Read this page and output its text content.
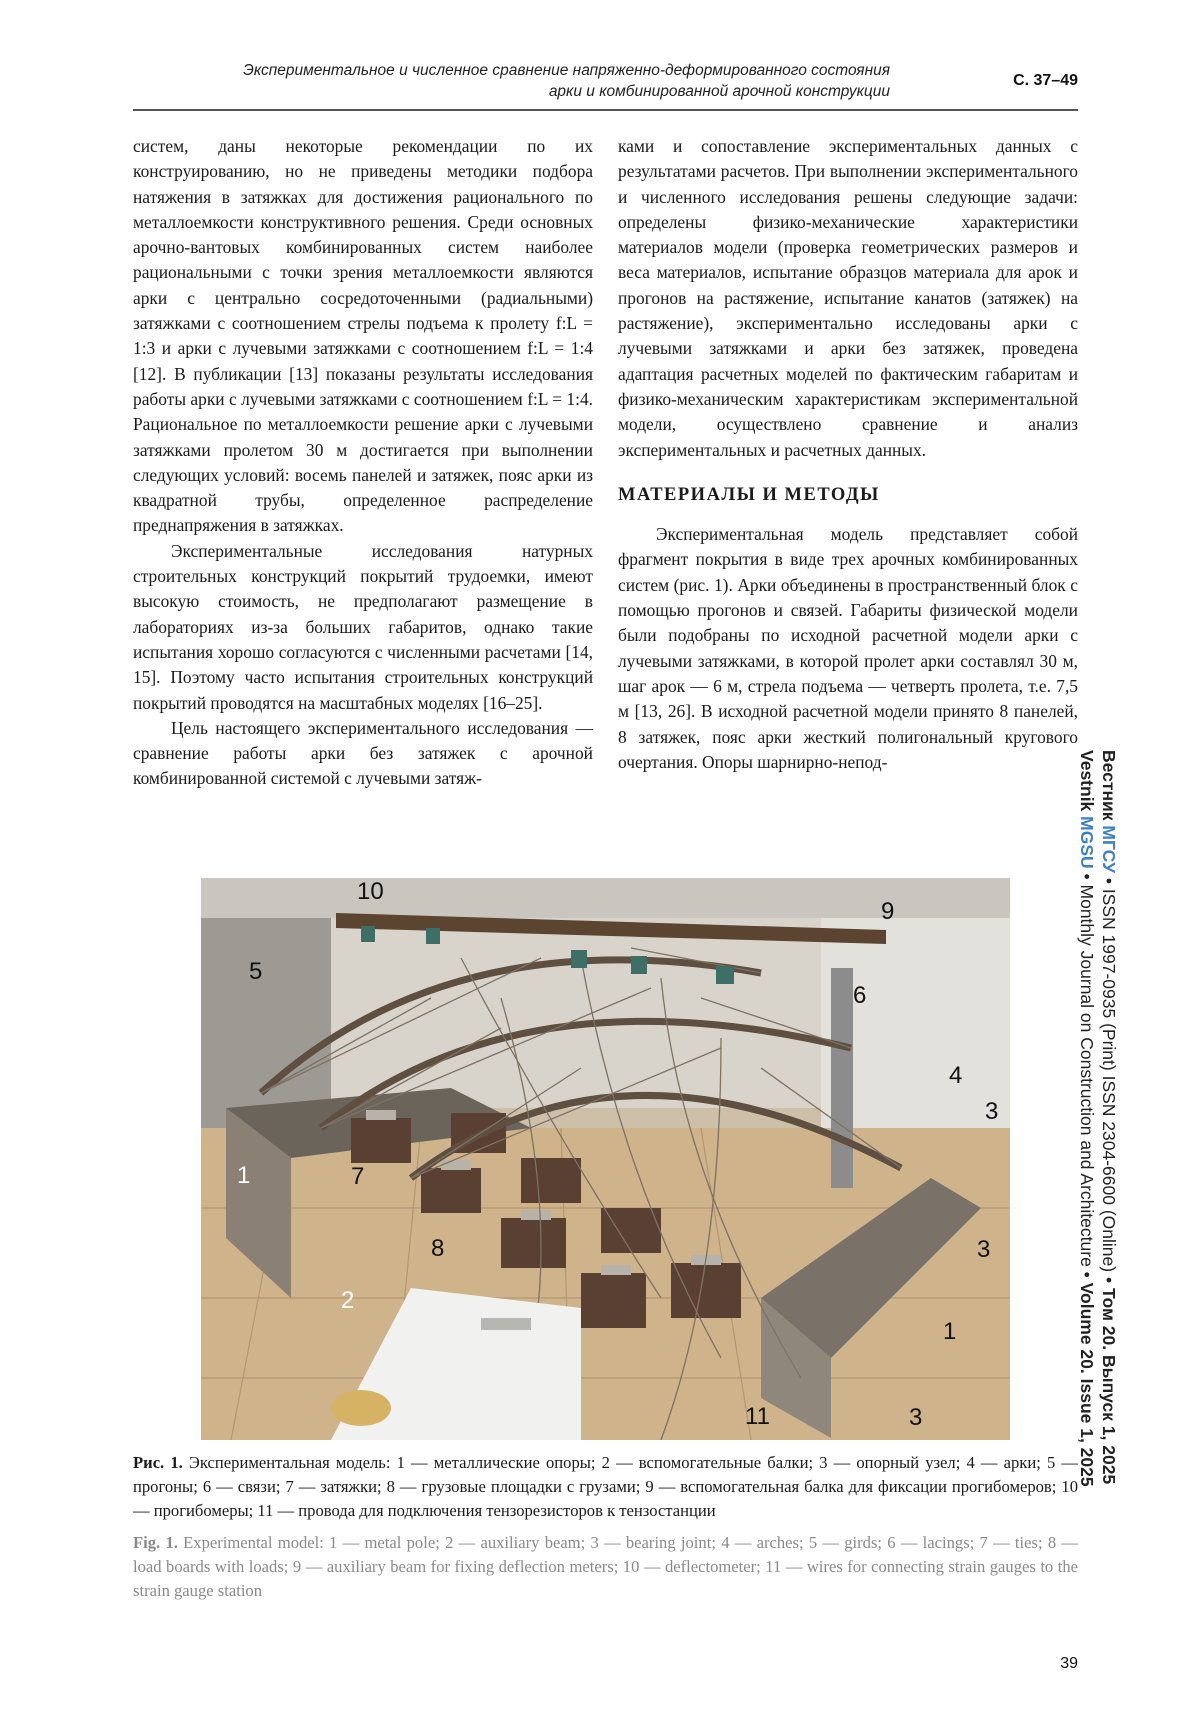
Экспериментальное и численное сравнение напряженно-деформированного состояния
арки и комбинированной арочной конструкции
С. 37–49

систем, даны некоторые рекомендации по их конструированию, но не приведены методики подбора натяжения в затяжках для достижения рационального по металлоемкости конструктивного решения. Среди основных арочно-вантовых комбинированных систем наиболее рациональными с точки зрения металлоемкости являются арки с центрально сосредоточенными (радиальными) затяжками с соотношением стрелы подъема к пролету f:L = 1:3 и арки с лучевыми затяжками с соотношением f:L = 1:4 [12]. В публикации [13] показаны результаты исследования работы арки с лучевыми затяжками с соотношением f:L = 1:4. Рациональное по металлоемкости решение арки с лучевыми затяжками пролетом 30 м достигается при выполнении следующих условий: восемь панелей и затяжек, пояс арки из квадратной трубы, определенное распределение преднапряжения в затяжках.

Экспериментальные исследования натурных строительных конструкций покрытий трудоемки, имеют высокую стоимость, не предполагают размещение в лабораториях из-за больших габаритов, однако такие испытания хорошо согласуются с численными расчетами [14, 15]. Поэтому часто испытания строительных конструкций покрытий проводятся на масштабных моделях [16–25].

Цель настоящего экспериментального исследования — сравнение работы арки без затяжек с арочной комбинированной системой с лучевыми затяж-

ками и сопоставление экспериментальных данных с результатами расчетов. При выполнении экспериментального и численного исследования решены следующие задачи: определены физико-механические характеристики материалов модели (проверка геометрических размеров и веса материалов, испытание образцов материала для арок и прогонов на растяжение, испытание канатов (затяжек) на растяжение), экспериментально исследованы арки с лучевыми затяжками и арки без затяжек, проведена адаптация расчетных моделей по фактическим габаритам и физико-механическим характеристикам экспериментальной модели, осуществлено сравнение и анализ экспериментальных и расчетных данных.

МАТЕРИАЛЫ И МЕТОДЫ

Экспериментальная модель представляет собой фрагмент покрытия в виде трех арочных комбинированных систем (рис. 1). Арки объединены в пространственный блок с помощью прогонов и связей. Габариты физической модели были подобраны по исходной расчетной модели арки с лучевыми затяжками, в которой пролет арки составлял 30 м, шаг арок — 6 м, стрела подъема — четверть пролета, т.е. 7,5 м [13, 26]. В исходной расчетной модели принято 8 панелей, 8 затяжек, пояс арки жесткий полигональный кругового очертания. Опоры шарнирно-непод-	Вестник МГСУ • ISSN 1997-0935 (Print) ISSN 2304-6600 (Online) • Том 20. Выпуск 1, 2025
Vestnik MGSU • Monthly Journal on Construction and Architecture • Volume 20. Issue 1, 2025
10
9
5
6
4
3
1	7
8	3
2
1
11	3
Рис. 1. Экспериментальная модель: 1 — металлические опоры; 2 — вспомогательные балки; 3 — опорный узел; 4 — арки; 5 — прогоны; 6 — связи; 7 — затяжки; 8 — грузовые площадки с грузами; 9 — вспомогательная балка для фиксации прогибомеров; 10 — прогибомеры; 11 — провода для подключения тензорезисторов к тензостанции
Fig. 1. Experimental model: 1 — metal pole; 2 — auxiliary beam; 3 — bearing joint; 4 — arches; 5 — girds; 6 — lacings; 7 — ties; 8 — load boards with loads; 9 — auxiliary beam for fixing deflection meters; 10 — deflectometer; 11 — wires for connecting strain gauges to the strain gauge station
39
